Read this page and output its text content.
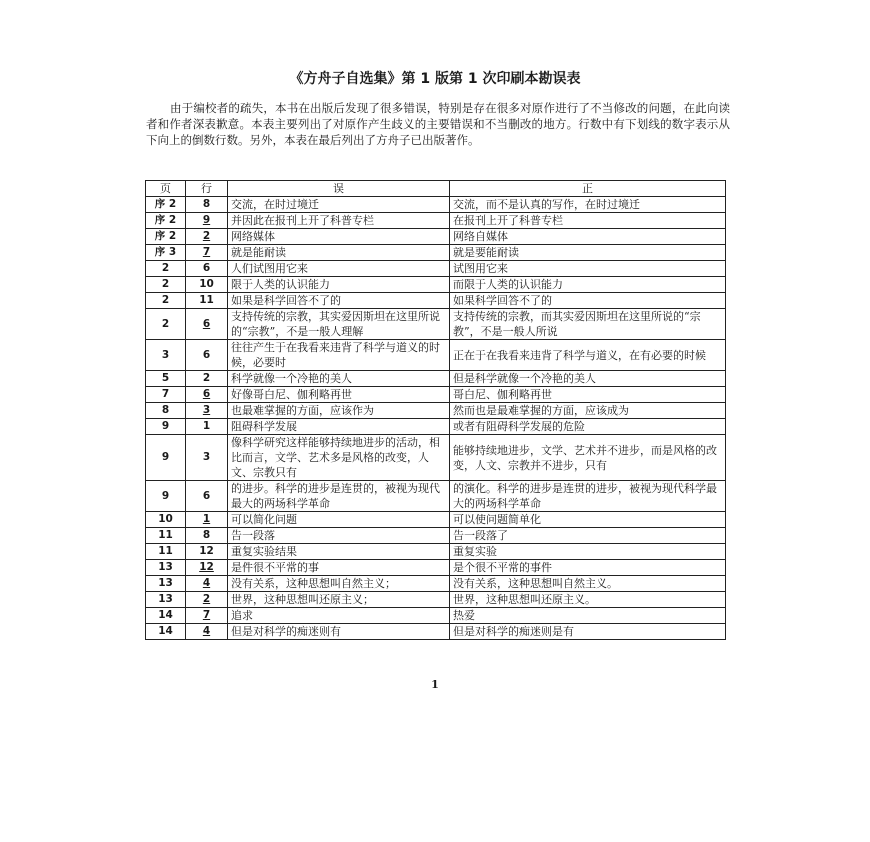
《方舟子自选集》第 1 版第 1 次印刷本勘误表

由于编校者的疏失，本书在出版后发现了很多错误，特别是存在很多对原作进行了不当修改的问题，在此向读者和作者深表歉意。本表主要列出了对原作产生歧义的主要错误和不当删改的地方。行数中有下划线的数字表示从下向上的倒数行数。另外，本表在最后列出了方舟子已出版著作。

页	行	误	正
序 2	8	交流，在时过境迁	交流，而不是认真的写作，在时过境迁
序 2	9	并因此在报刊上开了科普专栏	在报刊上开了科普专栏
序 2	2	网络媒体	网络自媒体
序 3	7	就是能耐读	就是要能耐读
2	6	人们试图用它来	试图用它来
2	10	限于人类的认识能力	而限于人类的认识能力
2	11	如果是科学回答不了的	如果科学回答不了的
2	6	支持传统的宗教，其实爱因斯坦在这里所说的“宗教”，不是一般人理解	支持传统的宗教，而其实爱因斯坦在这里所说的“宗教”，不是一般人所说
3	6	往往产生于在我看来违背了科学与道义的时候，必要时	正在于在我看来违背了科学与道义，在有必要的时候
5	2	科学就像一个冷艳的美人	但是科学就像一个冷艳的美人
7	6	好像哥白尼、伽利略再世	哥白尼、伽利略再世
8	3	也最难掌握的方面，应该作为	然而也是最难掌握的方面，应该成为
9	1	阻碍科学发展	或者有阻碍科学发展的危险
9	3	像科学研究这样能够持续地进步的活动，相比而言，文学、艺术多是风格的改变，人文、宗教只有	能够持续地进步，文学、艺术并不进步，而是风格的改变，人文、宗教并不进步，只有
9	6	的进步。科学的进步是连贯的，被视为现代最大的两场科学革命	的演化。科学的进步是连贯的进步，被视为现代科学最大的两场科学革命
10	1	可以简化问题	可以使问题简单化
11	8	告一段落	告一段落了
11	12	重复实验结果	重复实验
13	12	是件很不平常的事	是个很不平常的事件
13	4	没有关系，这种思想叫自然主义；	没有关系，这种思想叫自然主义。
13	2	世界，这种思想叫还原主义；	世界，这种思想叫还原主义。
14	7	追求	热爱
14	4	但是对科学的痴迷则有	但是对科学的痴迷则是有
1
